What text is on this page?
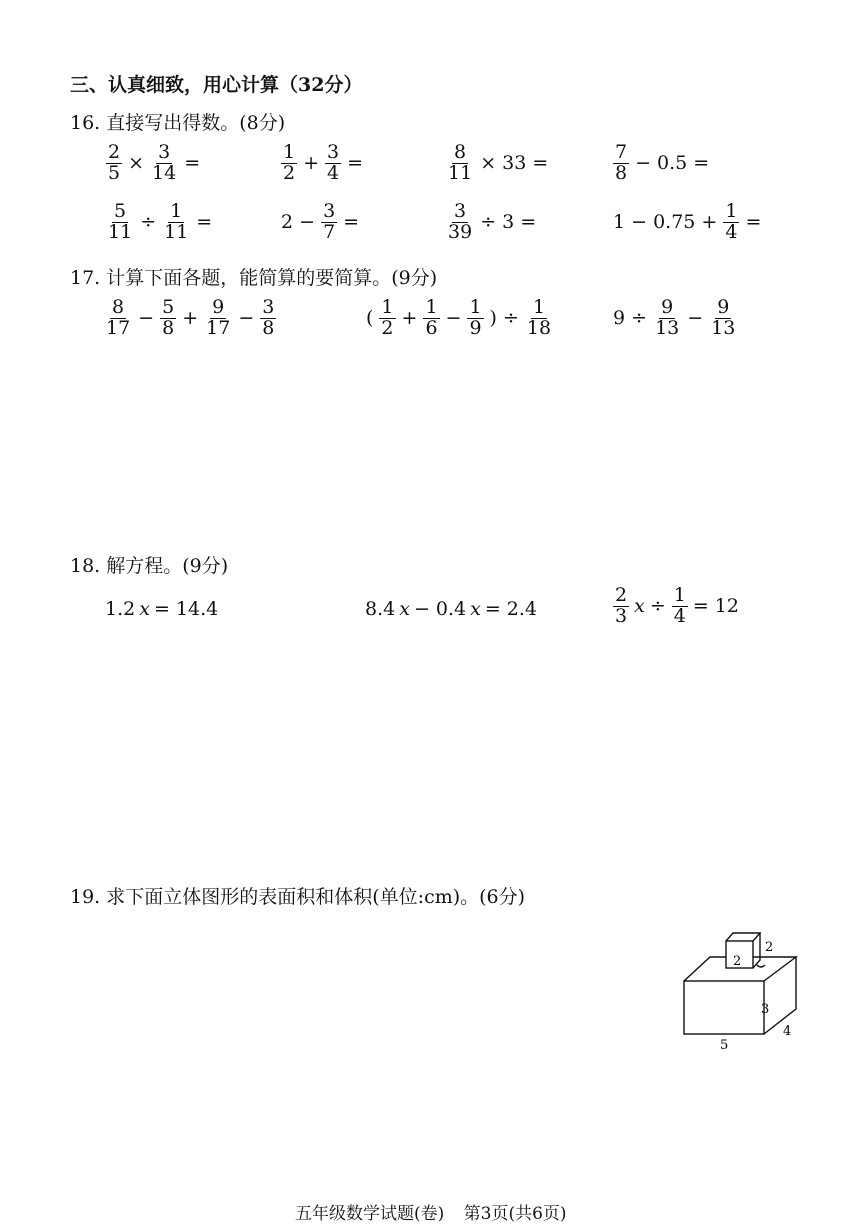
三、认真细致，用心计算（32分）
16. 直接写出得数。(8分)
$\frac{2}{5} \times \frac{3}{14}$ =	$\frac{1}{2} + \frac{3}{4}$ =	$\frac{8}{11} \times 33$ =	$\frac{7}{8} - 0.5$ =
$\frac{5}{11} \div \frac{1}{11}$ =	$2 - \frac{3}{7}$ =	$\frac{3}{39} \div 3$ =	$1 - 0.75 + \frac{1}{4}$ =
17. 计算下面各题，能简算的要简算。(9分)
$\frac{8}{17} - \frac{5}{8} + \frac{9}{17} - \frac{3}{8}$	( $\frac{1}{2} + \frac{1}{6} - \frac{1}{9}$ ) ÷ $\frac{1}{18}$	$9 \div \frac{9}{13} - \frac{9}{13}$
18. 解方程。(9分)
1.2 x = 14.4	8.4 x − 0.4 x = 2.4	$\frac{2}{3}$ $x \div \frac{1}{4} = 12$
19. 求下面立体图形的表面积和体积(单位:cm)。(6分)
2
2
3
4
5
五年级数学试题(卷) 第3页(共6页)
